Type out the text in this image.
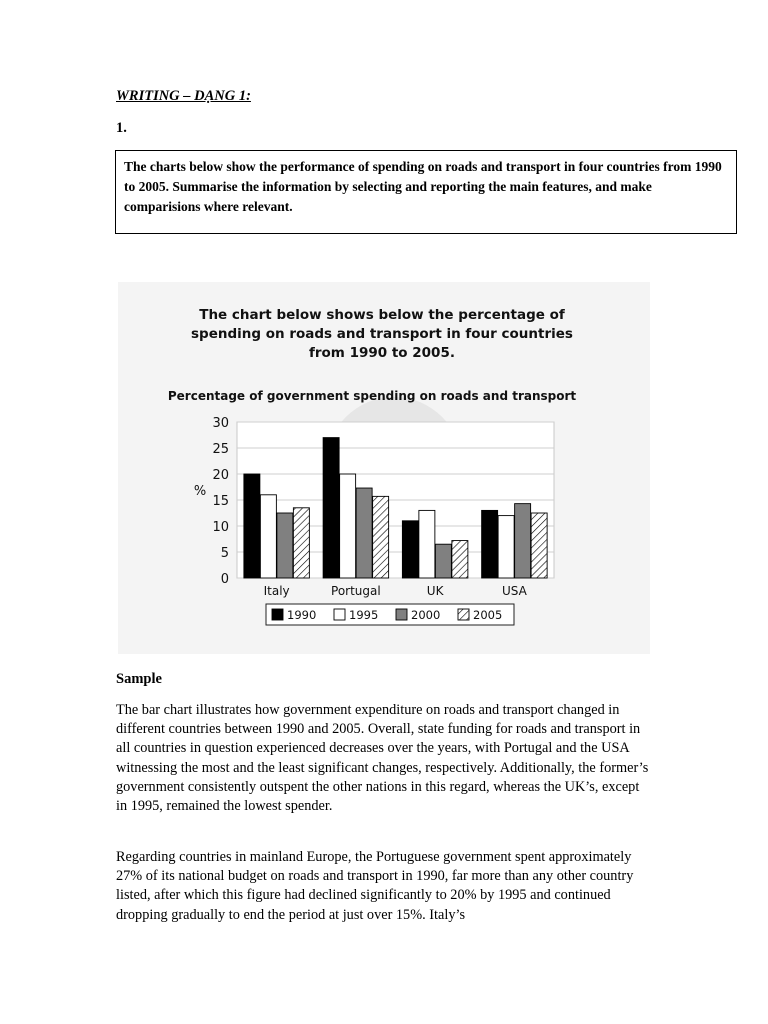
WRITING – DẠNG 1:
1.
The charts below show the performance of spending on roads and transport in four countries from 1990 to 2005. Summarise the information by selecting and reporting the main features, and make comparisions where relevant.
The chart below shows below the percentage of
spending on roads and transport in four countries
from 1990 to 2005.
Percentage of government spending on roads and transport
0
5
10
15
20
25
30
%
Italy	Portugal	UK	USA
1990	1995	2000	2005
Sample

The bar chart illustrates how government expenditure on roads and transport changed in different countries between 1990 and 2005. Overall, state funding for roads and transport in all countries in question experienced decreases over the years, with Portugal and the USA witnessing the most and the least significant changes, respectively. Additionally, the former’s government consistently outspent the other nations in this regard, whereas the UK’s, except in 1995, remained the lowest spender.

Regarding countries in mainland Europe, the Portuguese government spent approximately 27% of its national budget on roads and transport in 1990, far more than any other country listed, after which this figure had declined significantly to 20% by 1995 and continued dropping gradually to end the period at just over 15%. Italy’s
